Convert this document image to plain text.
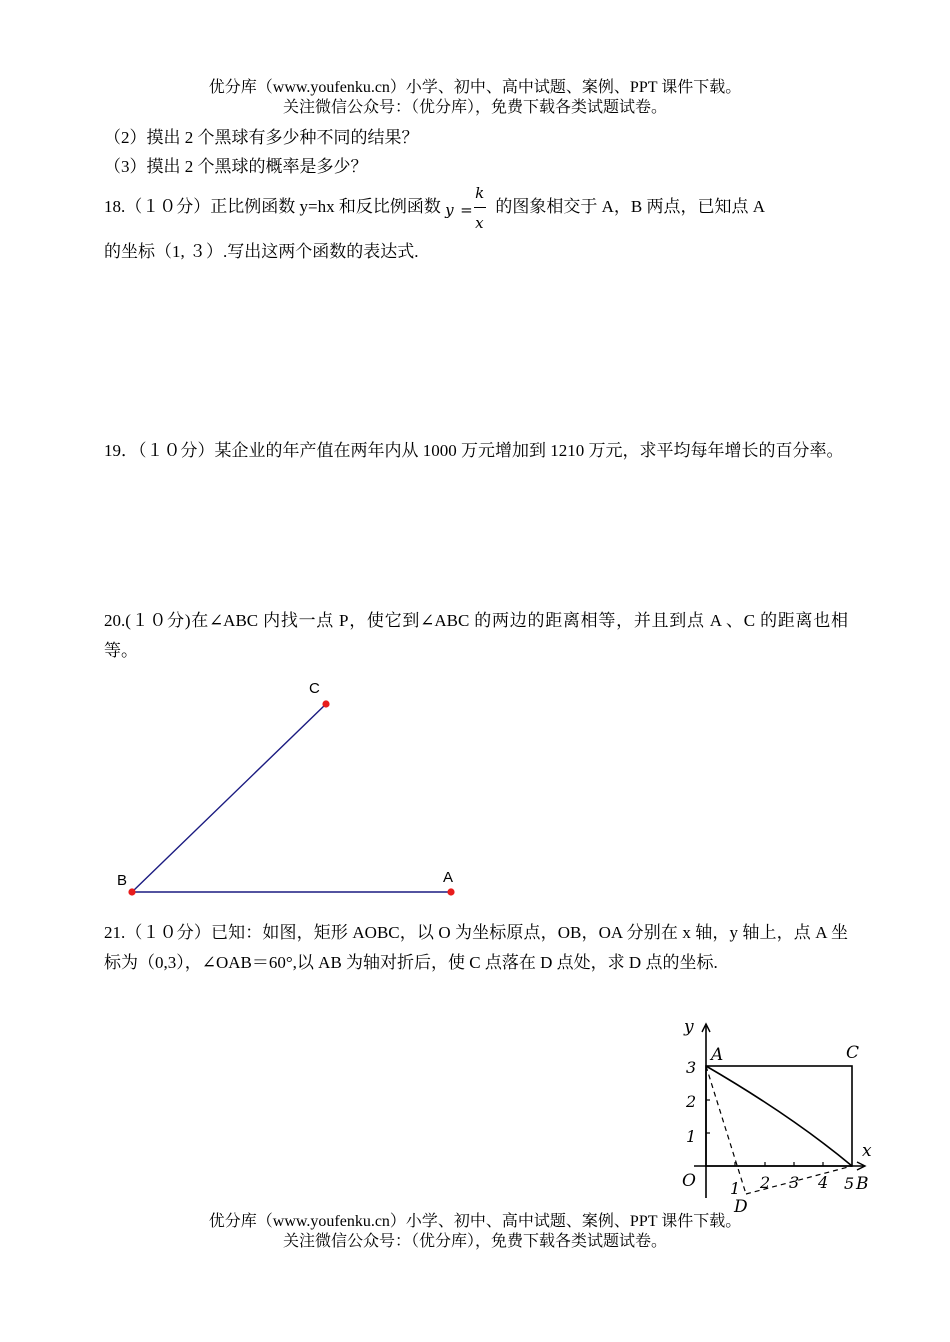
优分库（www.youfenku.cn）小学、初中、高中试题、案例、PPT 课件下载。
关注微信公众号：（优分库），免费下载各类试题试卷。
（2）摸出 2 个黑球有多少种不同的结果？
（3）摸出 2 个黑球的概率是多少？
18.（１０分）正比例函数 y=hx 和反比例函数 y =
k
x
的图象相交于 A，B 两点，已知点 A
的坐标（1, ３）.写出这两个函数的表达式.
19．（１０分）某企业的年产值在两年内从 1000 万元增加到 1210 万元，求平均每年增长的百分率。
20.(１０分)在∠ABC 内找一点 P，使它到∠ABC 的两边的距离相等，并且到点 A 、C 的距离也相等。
C
B	A
21.（１０分）已知：如图，矩形 AOBC，以 O 为坐标原点，OB，OA 分别在 x 轴，y 轴上，点 A 坐标为（0,3），∠OAB＝60°,以 AB 为轴对折后，使 C 点落在 D 点处，求 D 点的坐标.
y
x
O
A	C
B
D
3
2
1
1 2 3 4 5
优分库（www.youfenku.cn）小学、初中、高中试题、案例、PPT 课件下载。
关注微信公众号：（优分库），免费下载各类试题试卷。
